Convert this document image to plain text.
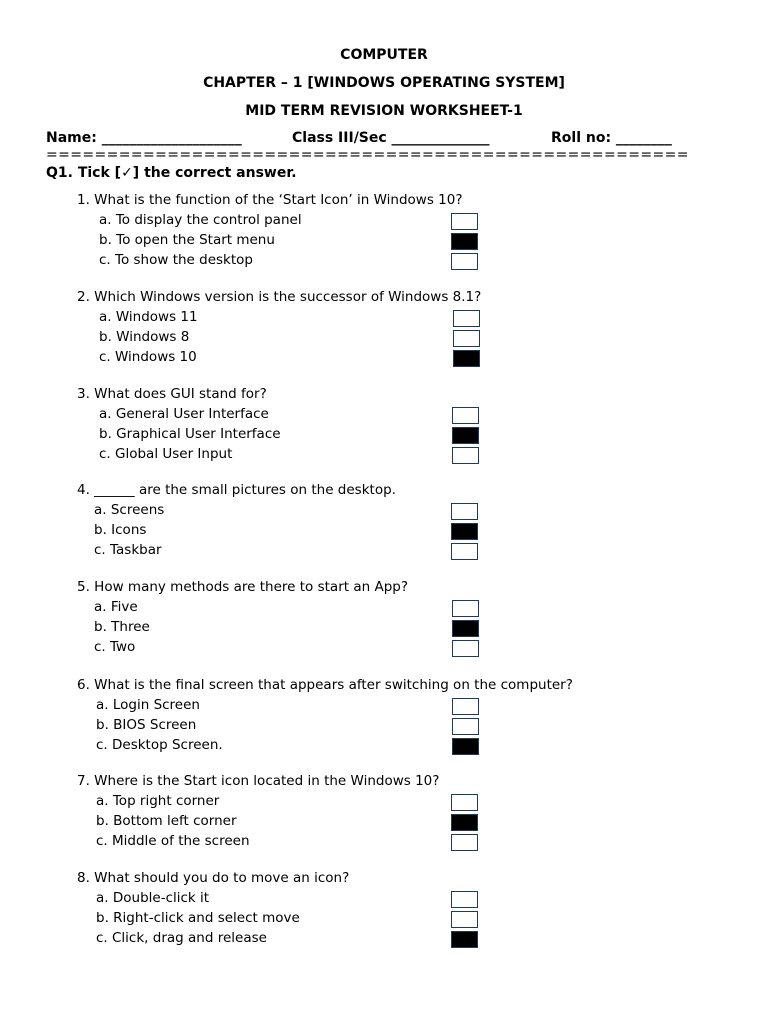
COMPUTER
CHAPTER – 1 [WINDOWS OPERATING SYSTEM]
MID TERM REVISION WORKSHEET-1
Name: ____________________	Class III/Sec ______________	Roll no: ________
=====================================================
Q1. Tick [✓] the correct answer.
1. What is the function of the ‘Start Icon’ in Windows 10?
a. To display the control panel
b. To open the Start menu
c. To show the desktop
2. Which Windows version is the successor of Windows 8.1?
a. Windows 11
b. Windows 8
c. Windows 10
3. What does GUI stand for?
a. General User Interface
b. Graphical User Interface
c. Global User Input
4. ______ are the small pictures on the desktop.
a. Screens
b. Icons
c. Taskbar
5. How many methods are there to start an App?
a. Five
b. Three
c. Two
6. What is the final screen that appears after switching on the computer?
a. Login Screen
b. BIOS Screen
c. Desktop Screen.
7. Where is the Start icon located in the Windows 10?
a. Top right corner
b. Bottom left corner
c. Middle of the screen
8. What should you do to move an icon?
a. Double-click it
b. Right-click and select move
c. Click, drag and release
